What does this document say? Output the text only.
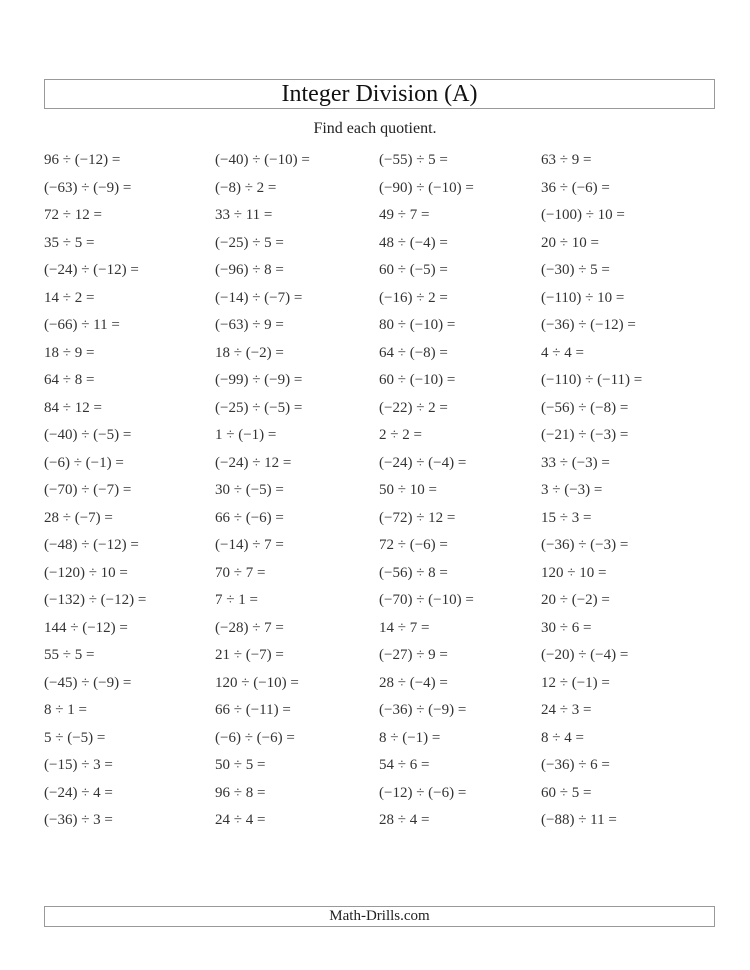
Integer Division (A)
Find each quotient.
96 ÷ (−12) =	(−40) ÷ (−10) =	(−55) ÷ 5 =	63 ÷ 9 =
(−63) ÷ (−9) =	(−8) ÷ 2 =	(−90) ÷ (−10) =	36 ÷ (−6) =
72 ÷ 12 =	33 ÷ 11 =	49 ÷ 7 =	(−100) ÷ 10 =
35 ÷ 5 =	(−25) ÷ 5 =	48 ÷ (−4) =	20 ÷ 10 =
(−24) ÷ (−12) =	(−96) ÷ 8 =	60 ÷ (−5) =	(−30) ÷ 5 =
14 ÷ 2 =	(−14) ÷ (−7) =	(−16) ÷ 2 =	(−110) ÷ 10 =
(−66) ÷ 11 =	(−63) ÷ 9 =	80 ÷ (−10) =	(−36) ÷ (−12) =
18 ÷ 9 =	18 ÷ (−2) =	64 ÷ (−8) =	4 ÷ 4 =
64 ÷ 8 =	(−99) ÷ (−9) =	60 ÷ (−10) =	(−110) ÷ (−11) =
84 ÷ 12 =	(−25) ÷ (−5) =	(−22) ÷ 2 =	(−56) ÷ (−8) =
(−40) ÷ (−5) =	1 ÷ (−1) =	2 ÷ 2 =	(−21) ÷ (−3) =
(−6) ÷ (−1) =	(−24) ÷ 12 =	(−24) ÷ (−4) =	33 ÷ (−3) =
(−70) ÷ (−7) =	30 ÷ (−5) =	50 ÷ 10 =	3 ÷ (−3) =
28 ÷ (−7) =	66 ÷ (−6) =	(−72) ÷ 12 =	15 ÷ 3 =
(−48) ÷ (−12) =	(−14) ÷ 7 =	72 ÷ (−6) =	(−36) ÷ (−3) =
(−120) ÷ 10 =	70 ÷ 7 =	(−56) ÷ 8 =	120 ÷ 10 =
(−132) ÷ (−12) =	7 ÷ 1 =	(−70) ÷ (−10) =	20 ÷ (−2) =
144 ÷ (−12) =	(−28) ÷ 7 =	14 ÷ 7 =	30 ÷ 6 =
55 ÷ 5 =	21 ÷ (−7) =	(−27) ÷ 9 =	(−20) ÷ (−4) =
(−45) ÷ (−9) =	120 ÷ (−10) =	28 ÷ (−4) =	12 ÷ (−1) =
8 ÷ 1 =	66 ÷ (−11) =	(−36) ÷ (−9) =	24 ÷ 3 =
5 ÷ (−5) =	(−6) ÷ (−6) =	8 ÷ (−1) =	8 ÷ 4 =
(−15) ÷ 3 =	50 ÷ 5 =	54 ÷ 6 =	(−36) ÷ 6 =
(−24) ÷ 4 =	96 ÷ 8 =	(−12) ÷ (−6) =	60 ÷ 5 =
(−36) ÷ 3 =	24 ÷ 4 =	28 ÷ 4 =	(−88) ÷ 11 =
Math-Drills.com
